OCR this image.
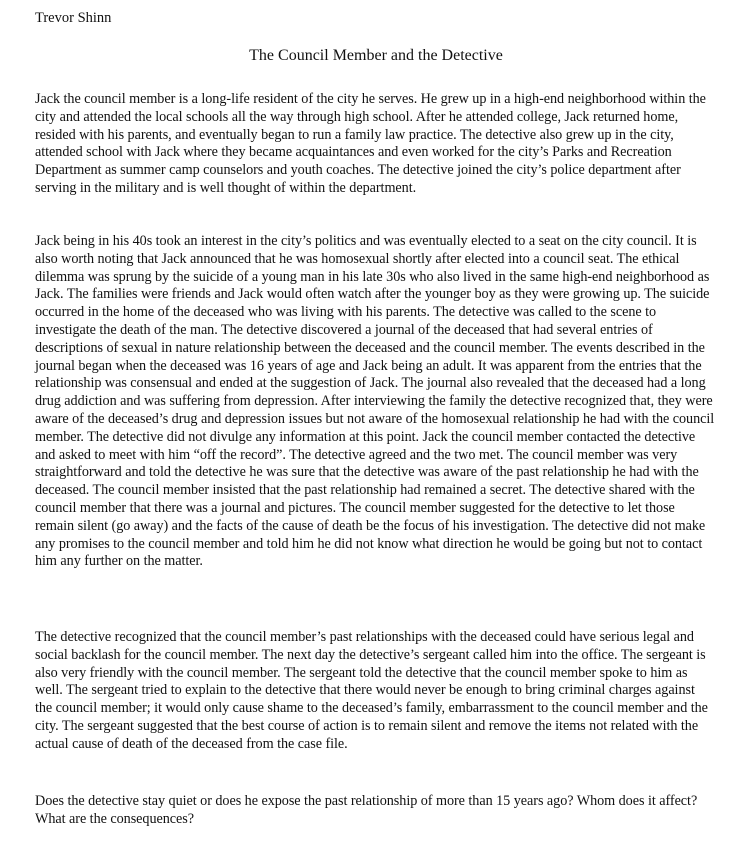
Trevor Shinn
The Council Member and the Detective

Jack the council member is a long-life resident of the city he serves. He grew up in a high-end neighborhood within the city and attended the local schools all the way through high school. After he attended college, Jack returned home, resided with his parents, and eventually began to run a family law practice. The detective also grew up in the city, attended school with Jack where they became acquaintances and even worked for the city’s Parks and Recreation Department as summer camp counselors and youth coaches. The detective joined the city’s police department after serving in the military and is well thought of within the department.

Jack being in his 40s took an interest in the city’s politics and was eventually elected to a seat on the city council. It is also worth noting that Jack announced that he was homosexual shortly after elected into a council seat. The ethical dilemma was sprung by the suicide of a young man in his late 30s who also lived in the same high-end neighborhood as Jack. The families were friends and Jack would often watch after the younger boy as they were growing up. The suicide occurred in the home of the deceased who was living with his parents. The detective was called to the scene to investigate the death of the man. The detective discovered a journal of the deceased that had several entries of descriptions of sexual in nature relationship between the deceased and the council member. The events described in the journal began when the deceased was 16 years of age and Jack being an adult. It was apparent from the entries that the relationship was consensual and ended at the suggestion of Jack. The journal also revealed that the deceased had a long drug addiction and was suffering from depression. After interviewing the family the detective recognized that, they were aware of the deceased’s drug and depression issues but not aware of the homosexual relationship he had with the council member. The detective did not divulge any information at this point. Jack the council member contacted the detective and asked to meet with him “off the record”. The detective agreed and the two met. The council member was very straightforward and told the detective he was sure that the detective was aware of the past relationship he had with the deceased. The council member insisted that the past relationship had remained a secret. The detective shared with the council member that there was a journal and pictures. The council member suggested for the detective to let those remain silent (go away) and the facts of the cause of death be the focus of his investigation. The detective did not make any promises to the council member and told him he did not know what direction he would be going but not to contact him any further on the matter.

The detective recognized that the council member’s past relationships with the deceased could have serious legal and social backlash for the council member. The next day the detective’s sergeant called him into the office. The sergeant is also very friendly with the council member. The sergeant told the detective that the council member spoke to him as well. The sergeant tried to explain to the detective that there would never be enough to bring criminal charges against the council member; it would only cause shame to the deceased’s family, embarrassment to the council member and the city. The sergeant suggested that the best course of action is to remain silent and remove the items not related with the actual cause of death of the deceased from the case file.

Does the detective stay quiet or does he expose the past relationship of more than 15 years ago? Whom does it affect? What are the consequences?
